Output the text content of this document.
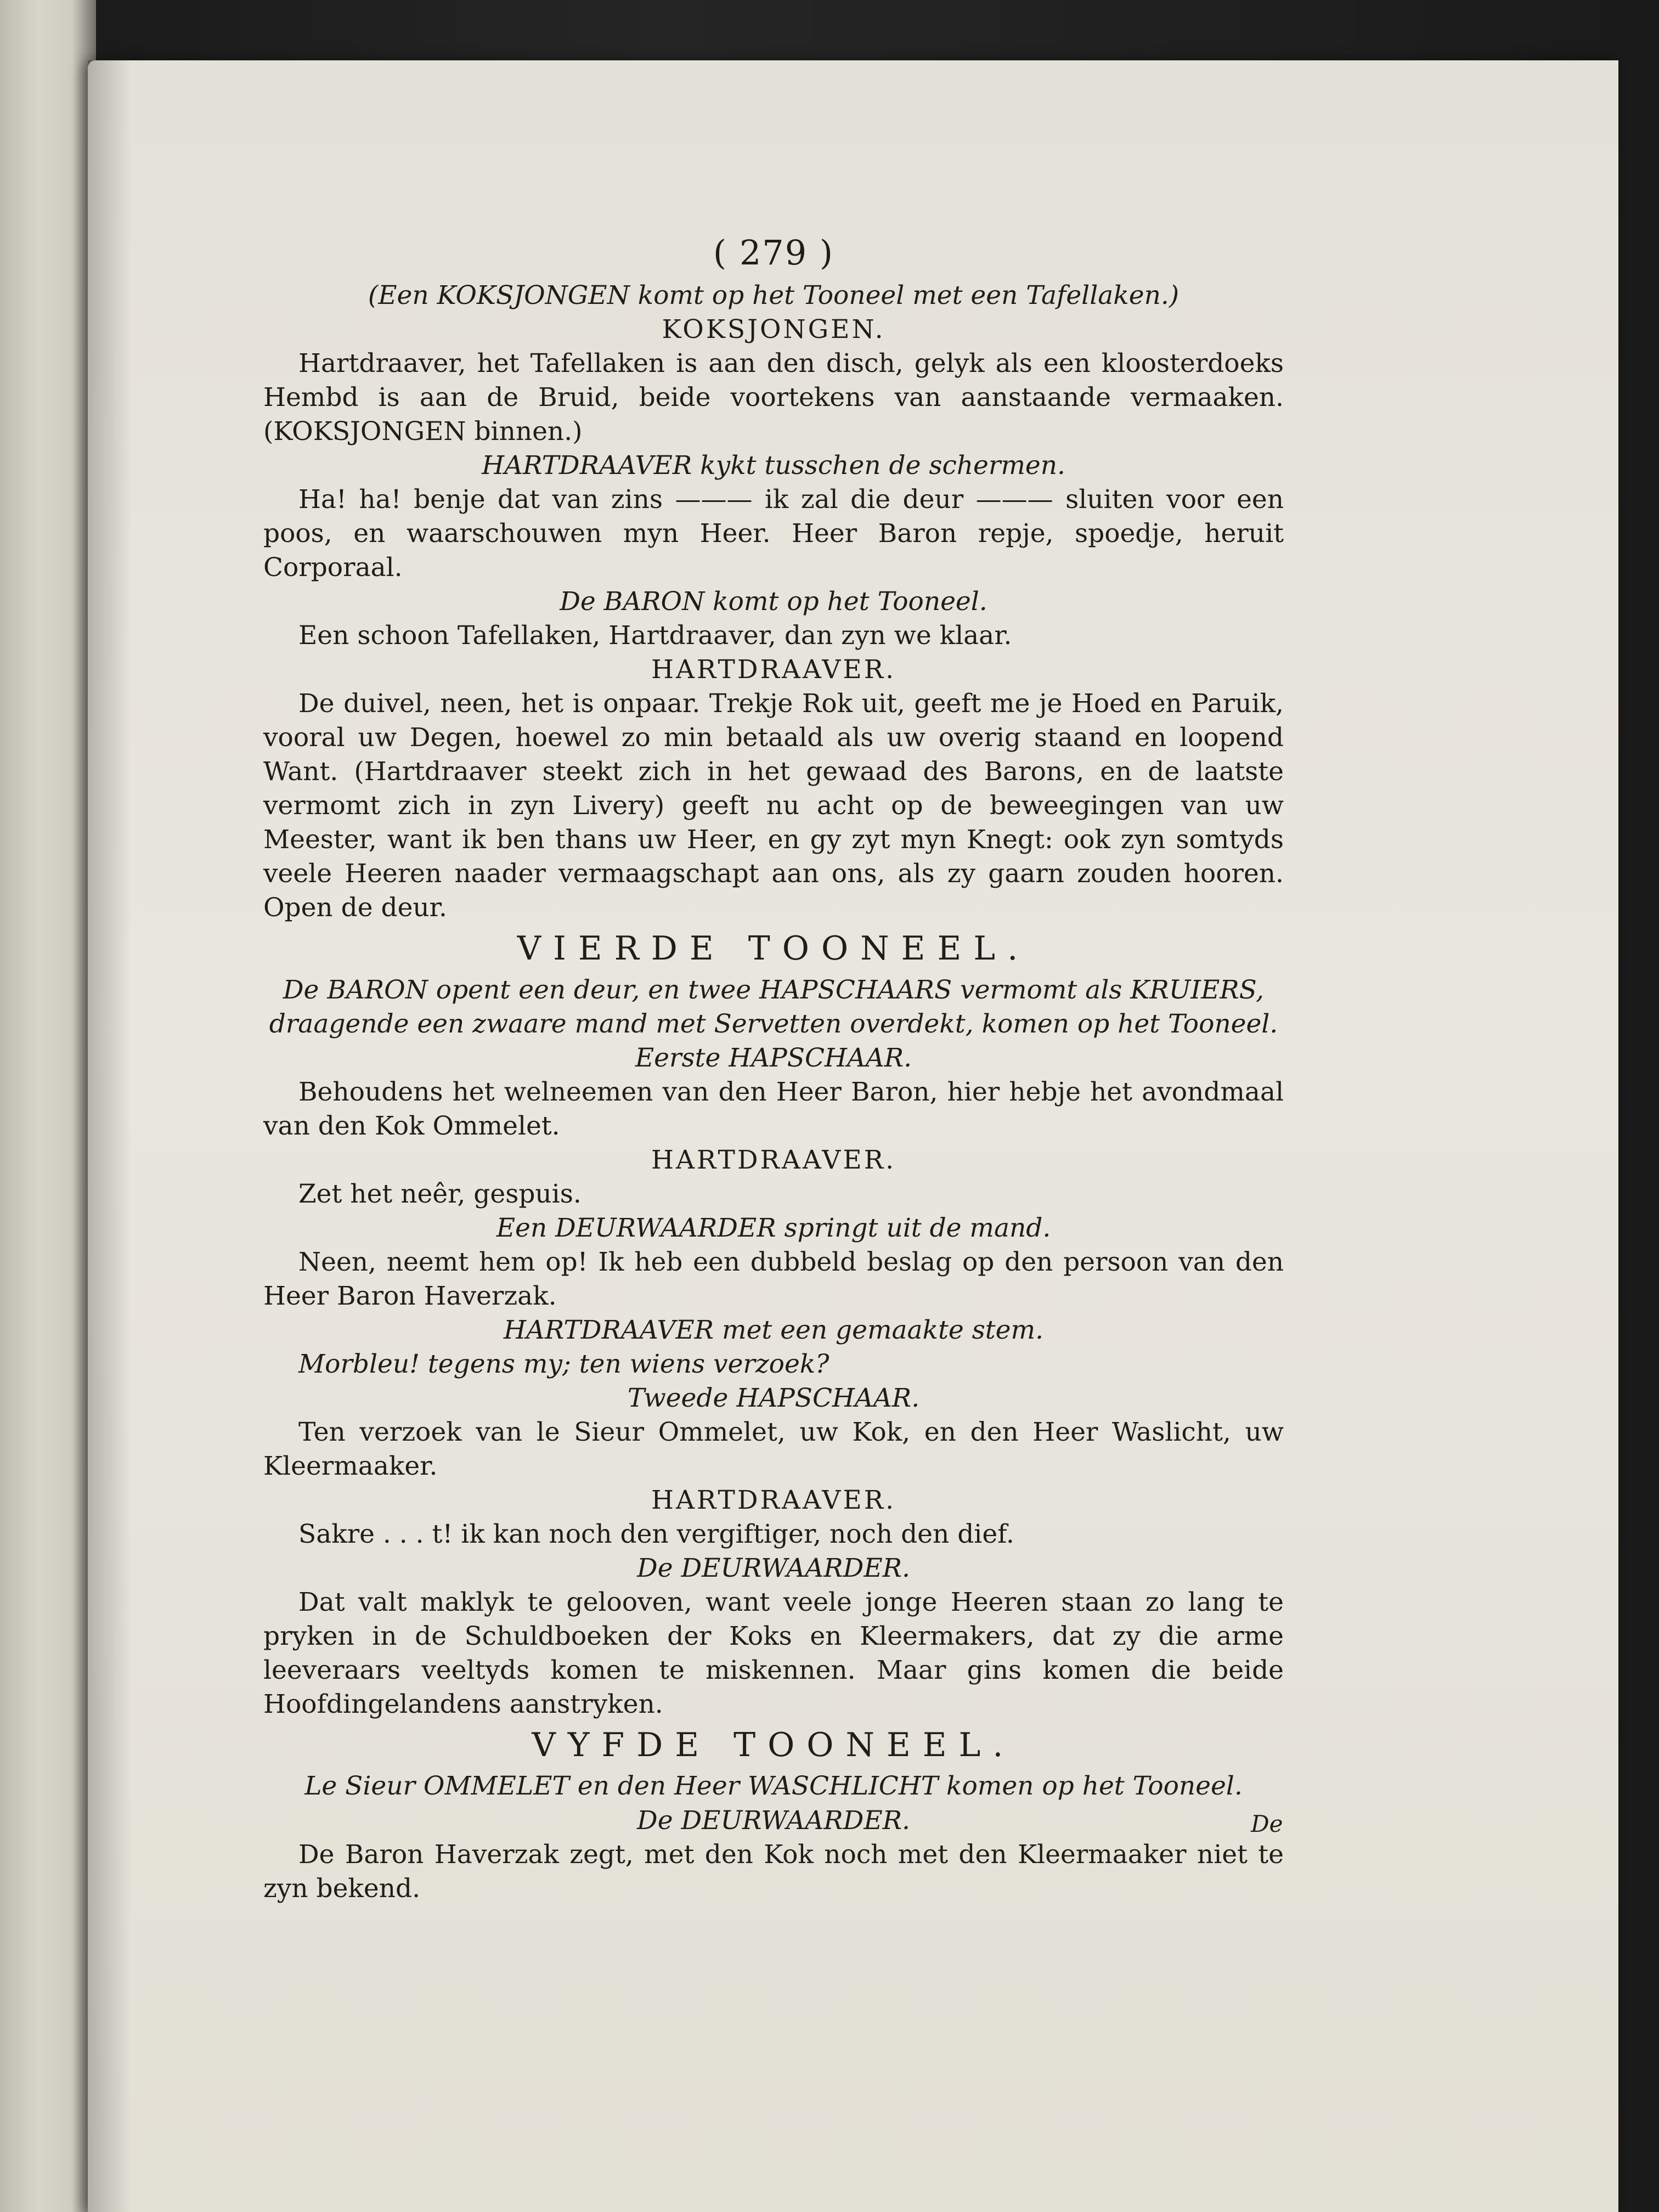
( 279 )
(Een KOKSJONGEN komt op het Tooneel met een Tafellaken.)
KOKSJONGEN.

Hartdraaver, het Tafellaken is aan den disch, gelyk als een kloosterdoeks Hembd is aan de Bruid, beide voortekens van aanstaande vermaaken. (KOKSJONGEN binnen.)

HARTDRAAVER kykt tusschen de schermen.

Ha! ha! benje dat van zins ——— ik zal die deur ——— sluiten voor een poos, en waarschouwen myn Heer. Heer Baron repje, spoedje, heruit Corporaal.

De BARON komt op het Tooneel.

Een schoon Tafellaken, Hartdraaver, dan zyn we klaar.

HARTDRAAVER.

De duivel, neen, het is onpaar. Trekje Rok uit, geeft me je Hoed en Paruik, vooral uw Degen, hoewel zo min betaald als uw overig staand en loopend Want. (Hartdraaver steekt zich in het gewaad des Barons, en de laatste vermomt zich in zyn Livery) geeft nu acht op de beweegingen van uw Meester, want ik ben thans uw Heer, en gy zyt myn Knegt: ook zyn somtyds veele Heeren naader vermaagschapt aan ons, als zy gaarn zouden hooren. Open de deur.

VIERDE TOONEEL.
De BARON opent een deur, en twee HAPSCHAARS vermomt als KRUIERS, draagende een zwaare mand met Servetten overdekt, komen op het Tooneel.
Eerste HAPSCHAAR.

Behoudens het welneemen van den Heer Baron, hier hebje het avondmaal van den Kok Ommelet.

HARTDRAAVER.

Zet het neêr, gespuis.

Een DEURWAARDER springt uit de mand.

Neen, neemt hem op! Ik heb een dubbeld beslag op den persoon van den Heer Baron Haverzak.

HARTDRAAVER met een gemaakte stem.

Morbleu! tegens my; ten wiens verzoek?

Tweede HAPSCHAAR.

Ten verzoek van le Sieur Ommelet, uw Kok, en den Heer Waslicht, uw Kleermaaker.

HARTDRAAVER.

Sakre . . . t! ik kan noch den vergiftiger, noch den dief.

De DEURWAARDER.

Dat valt maklyk te gelooven, want veele jonge Heeren staan zo lang te pryken in de Schuldboeken der Koks en Kleermakers, dat zy die arme leeveraars veeltyds komen te miskennen. Maar gins komen die beide Hoofdingelandens aanstryken.

VYFDE TOONEEL.
Le Sieur OMMELET en den Heer WASCHLICHT komen op het Tooneel.
De DEURWAARDER.

De Baron Haverzak zegt, met den Kok noch met den Kleermaaker niet te zyn bekend.

De
